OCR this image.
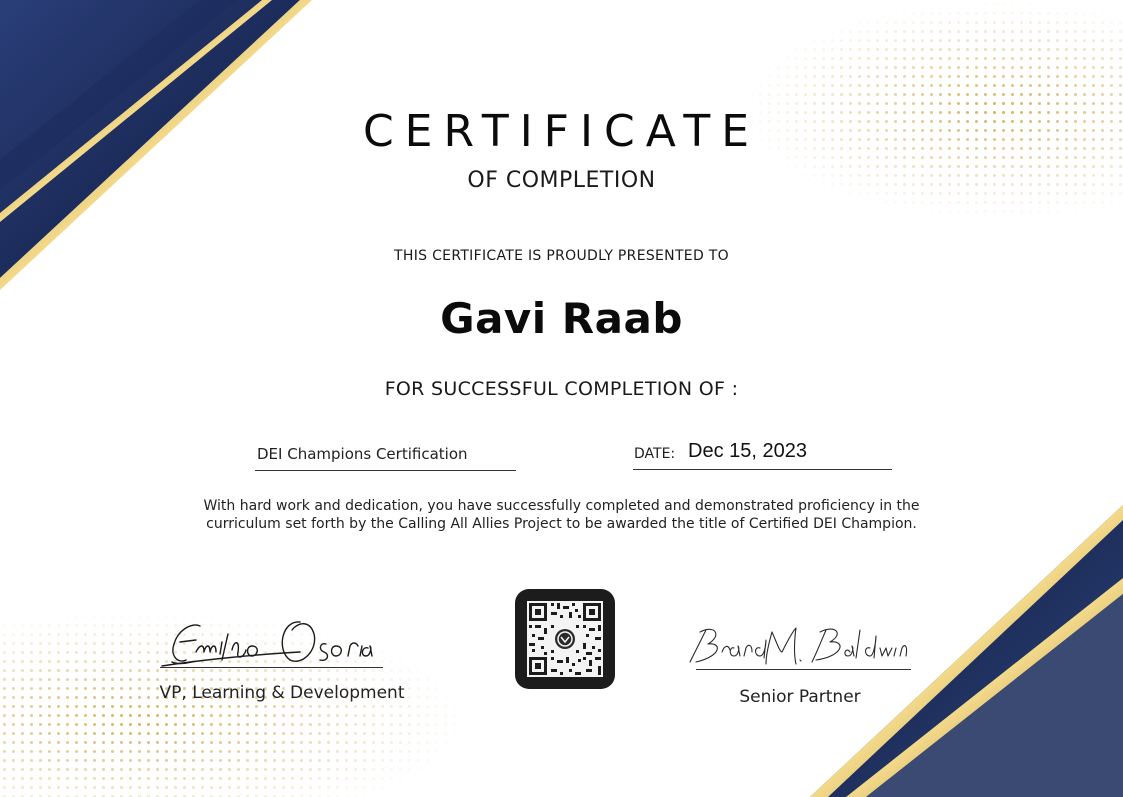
CERTIFICATE
OF COMPLETION
THIS CERTIFICATE IS PROUDLY PRESENTED TO
Gavi Raab
FOR SUCCESSFUL COMPLETION OF :
DEI Champions Certification	DATE: Dec 15, 2023
With hard work and dedication, you have successfully completed and demonstrated proficiency in the
curriculum set forth by the Calling All Allies Project to be awarded the title of Certified DEI Champion.
VP, Learning & Development	Senior Partner
